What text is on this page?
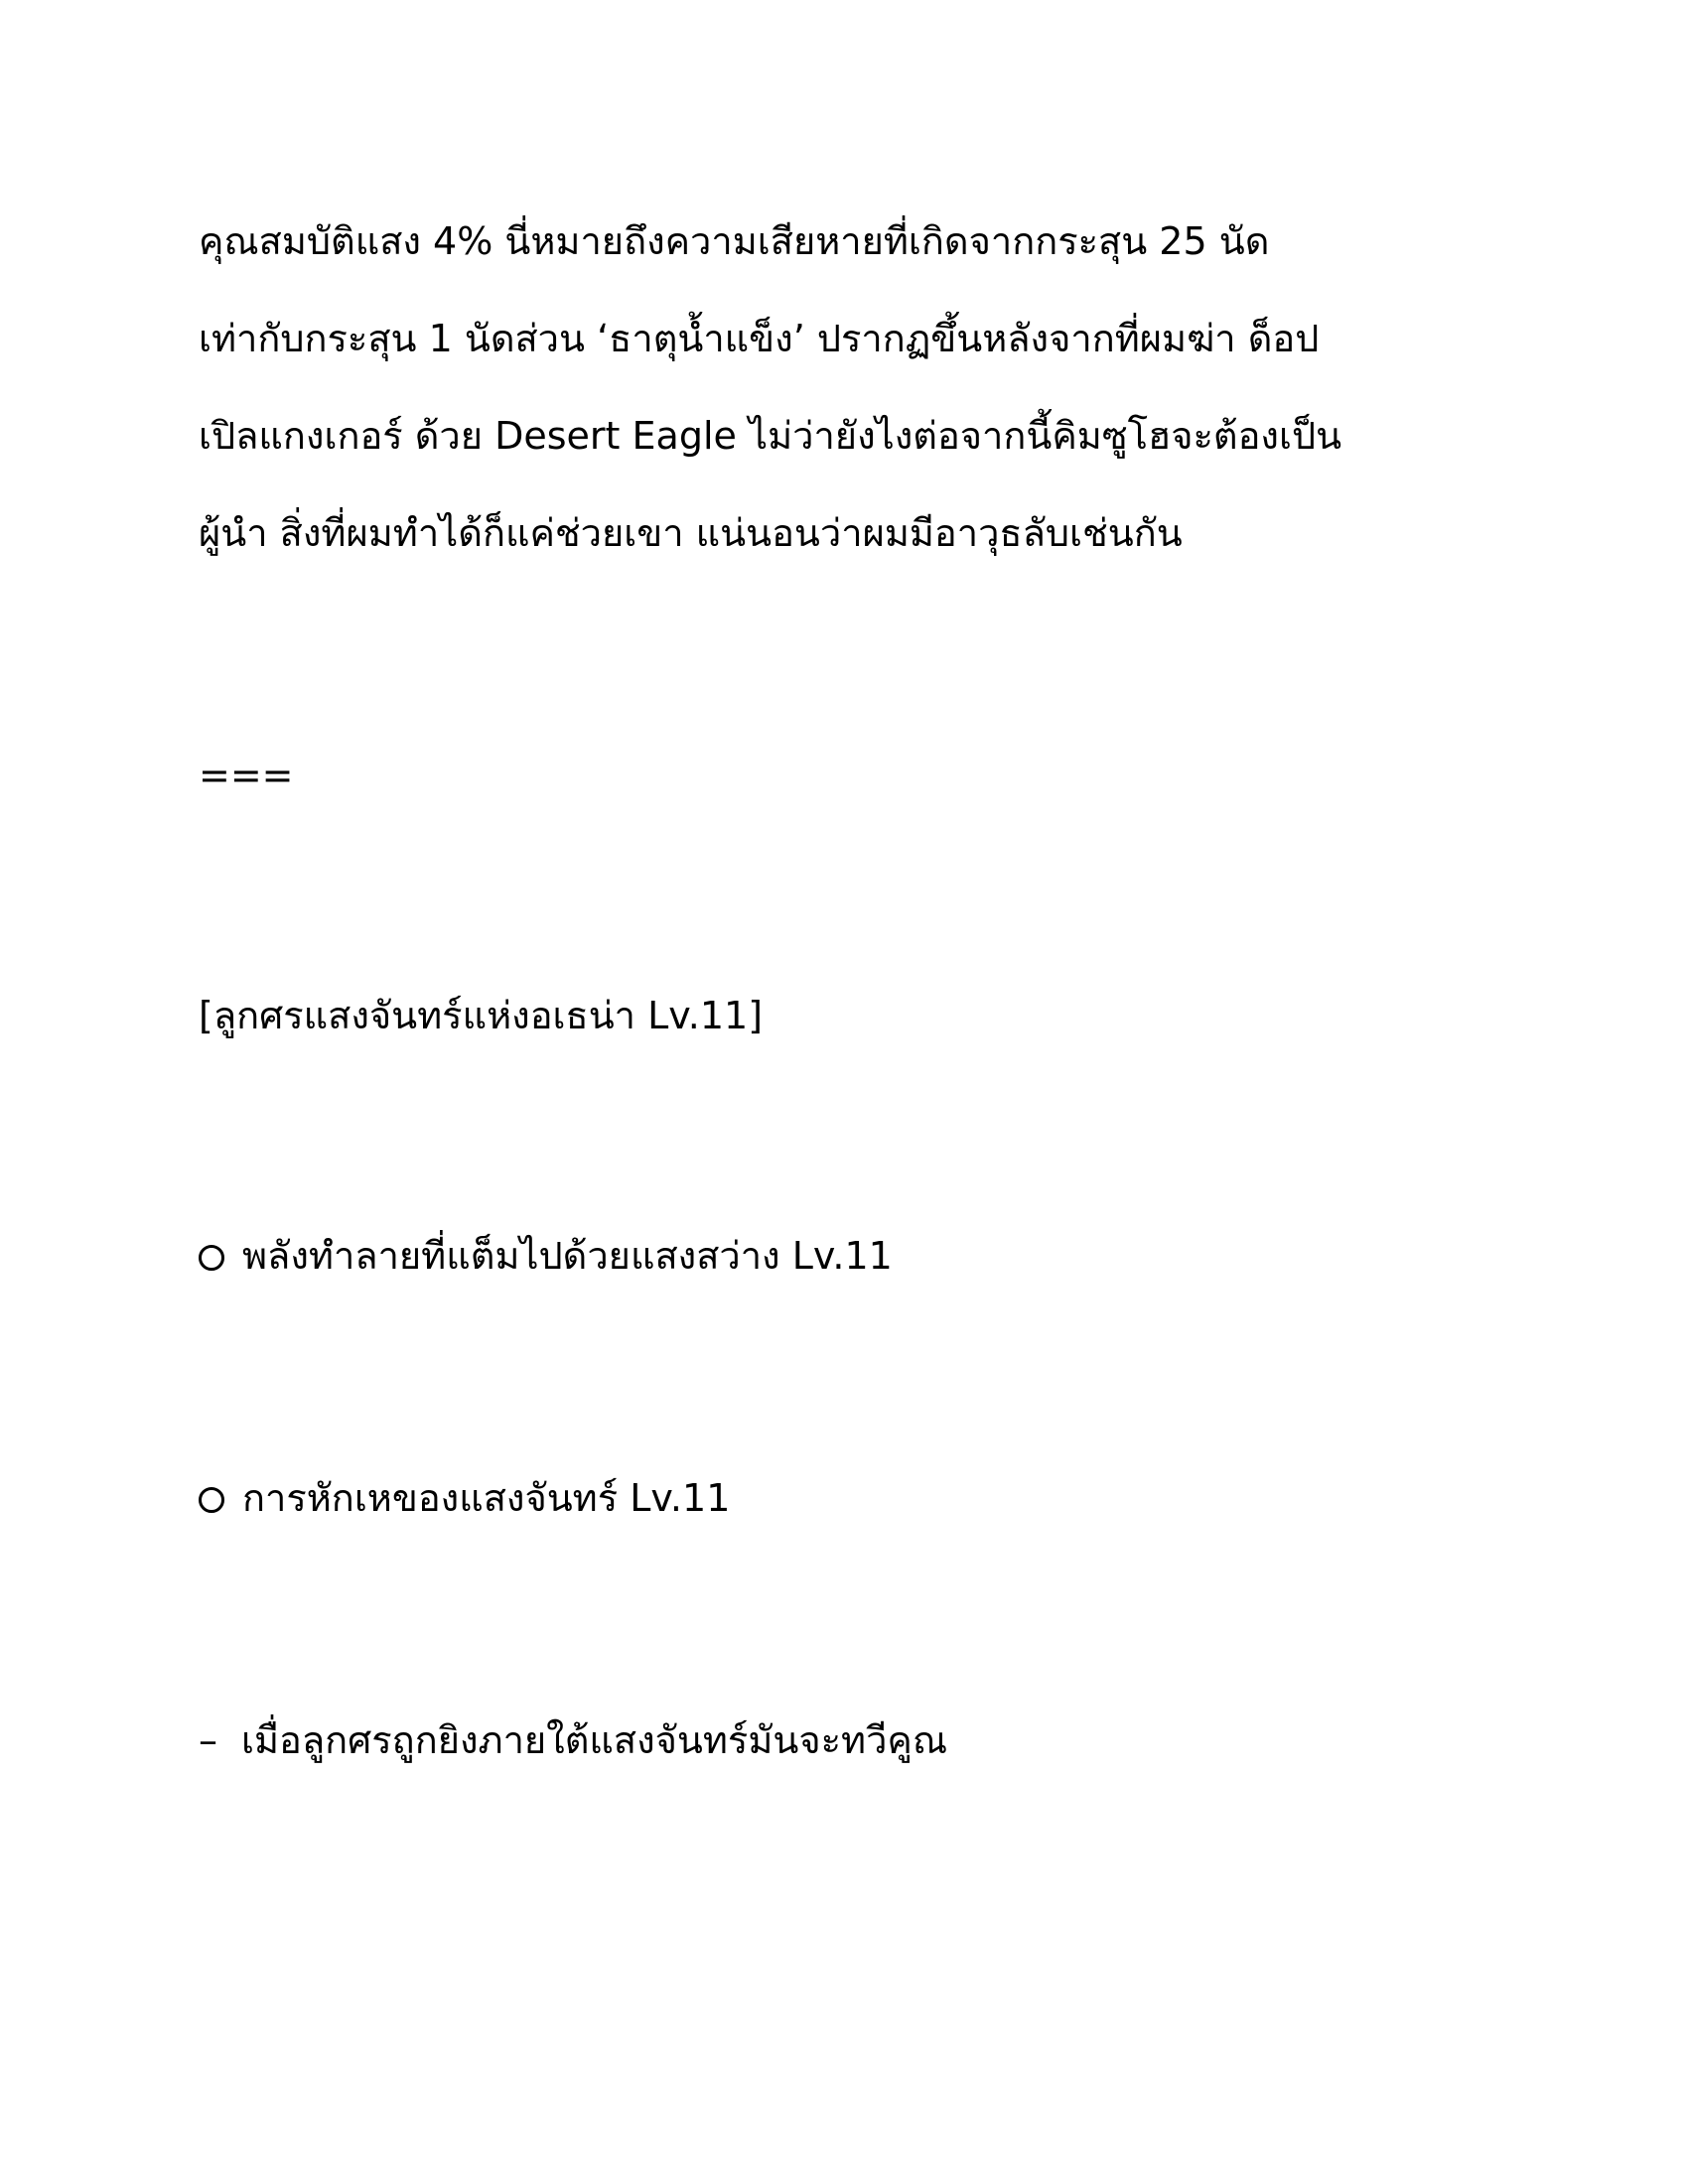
คุณสมบัติแสง 4% นี่หมายถึงความเสียหายที่เกิดจากกระสุน 25 นัด

เท่ากับกระสุน 1 นัดส่วน ‘ธาตุน้ำแข็ง’ ปรากฏขึ้นหลังจากที่ผมฆ่า ด็อป

เปิลแกงเกอร์ ด้วย Desert Eagle ไม่ว่ายังไงต่อจากนี้คิมซูโฮจะต้องเป็น

ผู้นำ สิ่งที่ผมทำได้ก็แค่ช่วยเขา แน่นอนว่าผมมีอาวุธลับเช่นกัน

===

[ลูกศรแสงจันทร์แห่งอเธน่า Lv.11]

พลังทำลายที่แต็มไปด้วยแสงสว่าง Lv.11

การหักเหของแสงจันทร์ Lv.11

– เมื่อลูกศรถูกยิงภายใต้แสงจันทร์มันจะทวีคูณ
